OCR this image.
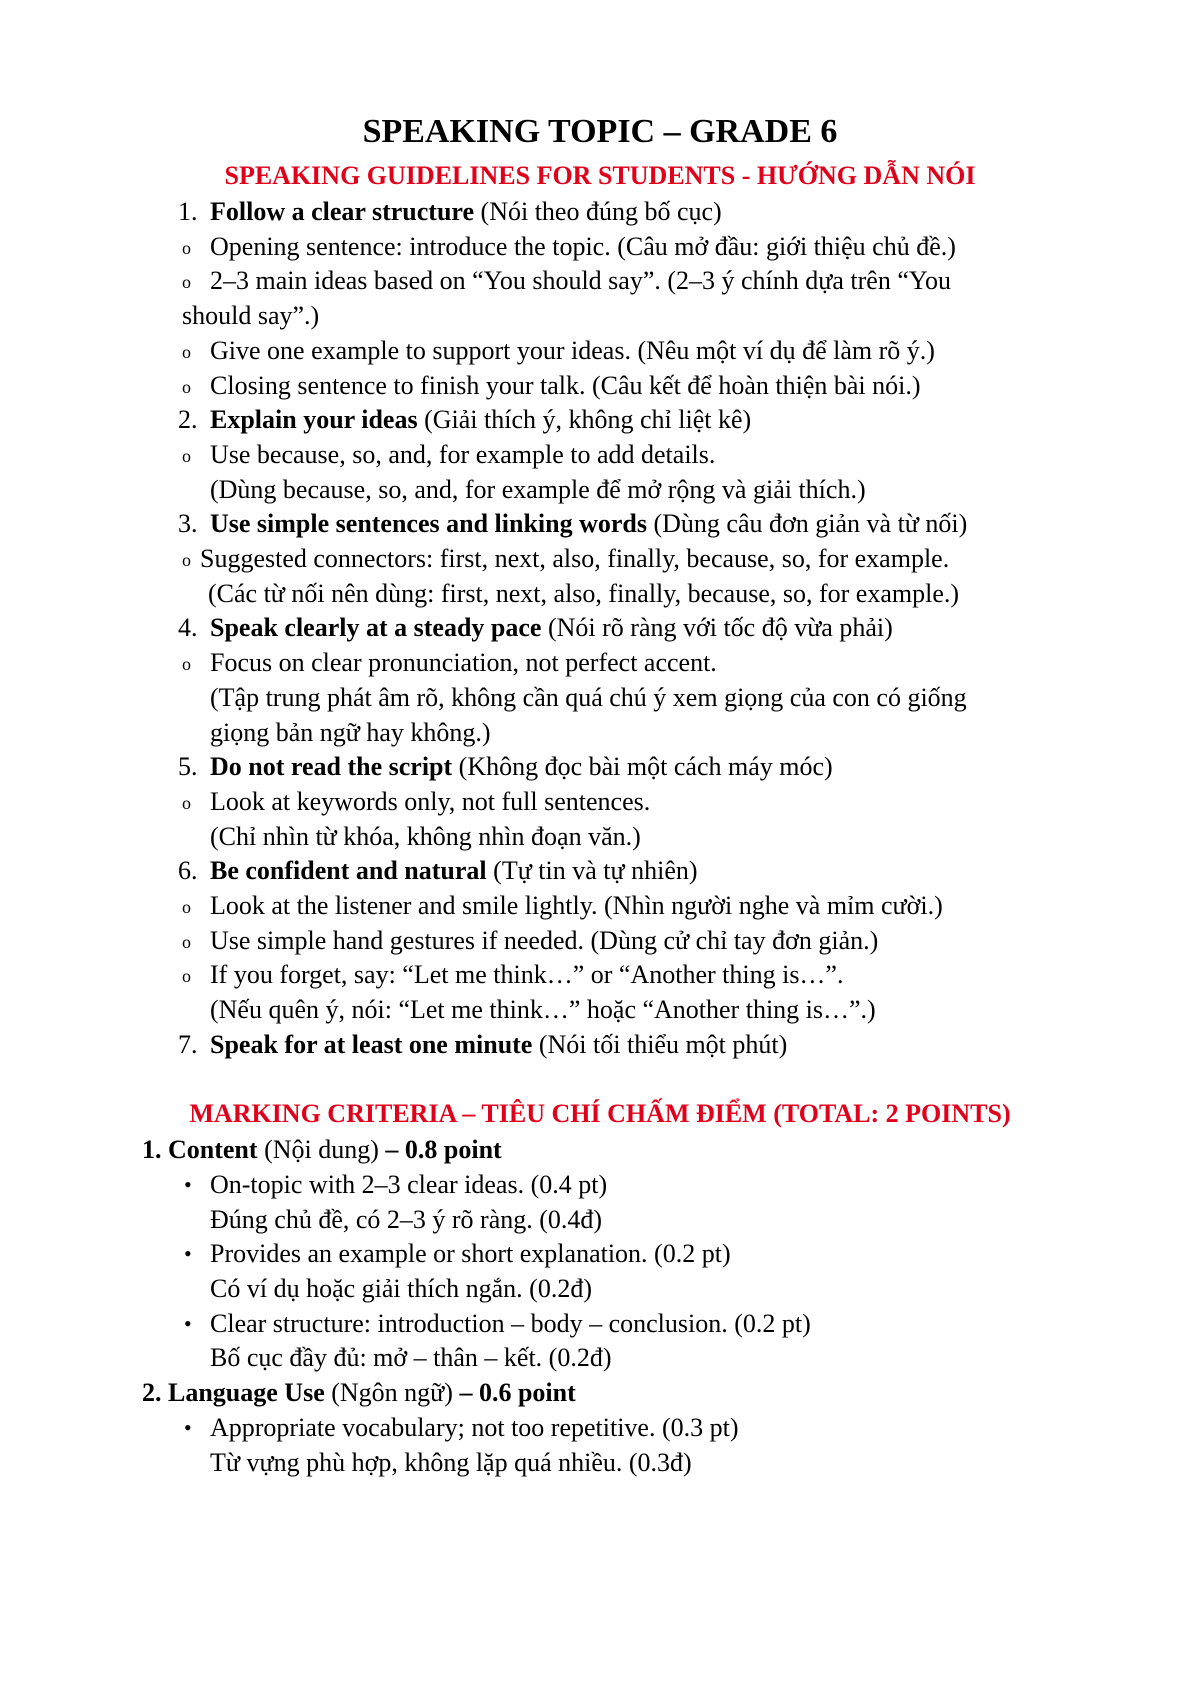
SPEAKING TOPIC – GRADE 6
SPEAKING GUIDELINES FOR STUDENTS - HƯỚNG DẪN NÓI
1. Follow a clear structure (Nói theo đúng bố cục)
o Opening sentence: introduce the topic. (Câu mở đầu: giới thiệu chủ đề.)
o 2–3 main ideas based on “You should say”. (2–3 ý chính dựa trên “You
should say”.)
o Give one example to support your ideas. (Nêu một ví dụ để làm rõ ý.)
o Closing sentence to finish your talk. (Câu kết để hoàn thiện bài nói.)
2. Explain your ideas (Giải thích ý, không chỉ liệt kê)
o Use because, so, and, for example to add details.
(Dùng because, so, and, for example để mở rộng và giải thích.)
3. Use simple sentences and linking words (Dùng câu đơn giản và từ nối)
o Suggested connectors: first, next, also, finally, because, so, for example.
(Các từ nối nên dùng: first, next, also, finally, because, so, for example.)
4. Speak clearly at a steady pace (Nói rõ ràng với tốc độ vừa phải)
o Focus on clear pronunciation, not perfect accent.
(Tập trung phát âm rõ, không cần quá chú ý xem giọng của con có giống
giọng bản ngữ hay không.)
5. Do not read the script (Không đọc bài một cách máy móc)
o Look at keywords only, not full sentences.
(Chỉ nhìn từ khóa, không nhìn đoạn văn.)
6. Be confident and natural (Tự tin và tự nhiên)
o Look at the listener and smile lightly. (Nhìn người nghe và mỉm cười.)
o Use simple hand gestures if needed. (Dùng cử chỉ tay đơn giản.)
o If you forget, say: “Let me think…” or “Another thing is…”.
(Nếu quên ý, nói: “Let me think…” hoặc “Another thing is…”.)
7. Speak for at least one minute (Nói tối thiểu một phút)
MARKING CRITERIA – TIÊU CHÍ CHẤM ĐIỂM (TOTAL: 2 POINTS)
1. Content (Nội dung) – 0.8 point
• On-topic with 2–3 clear ideas. (0.4 pt)
Đúng chủ đề, có 2–3 ý rõ ràng. (0.4đ)
• Provides an example or short explanation. (0.2 pt)
Có ví dụ hoặc giải thích ngắn. (0.2đ)
• Clear structure: introduction – body – conclusion. (0.2 pt)
Bố cục đầy đủ: mở – thân – kết. (0.2đ)
2. Language Use (Ngôn ngữ) – 0.6 point
• Appropriate vocabulary; not too repetitive. (0.3 pt)
Từ vựng phù hợp, không lặp quá nhiều. (0.3đ)
